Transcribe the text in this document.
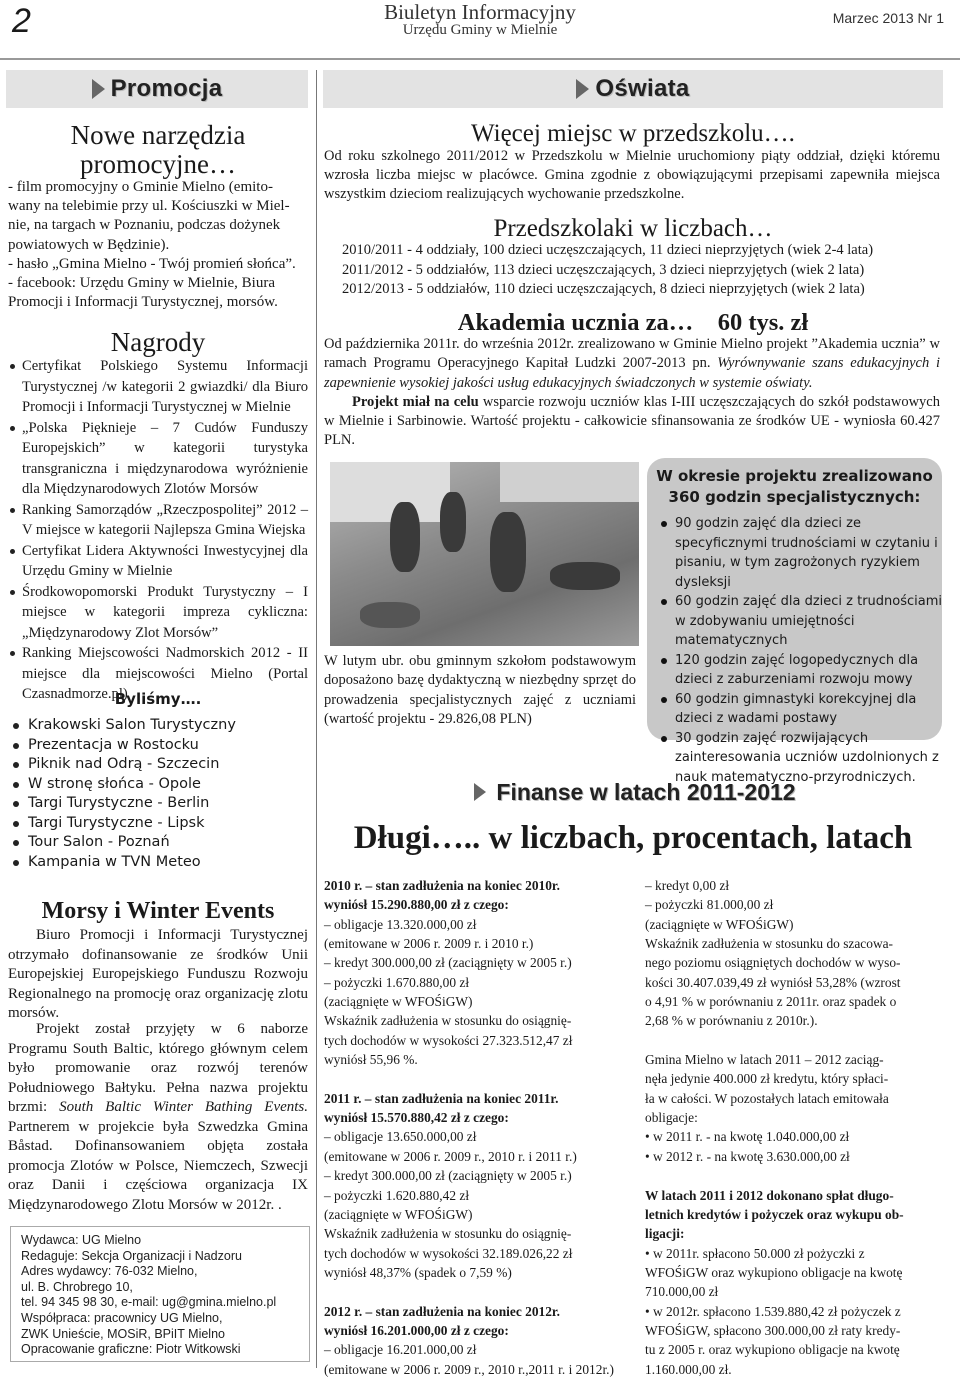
2	Biuletyn Informacyjny
Urzędu Gminy w Mielnie
Marzec 2013 Nr 1
Promocja
Nowe narzędzia
promocyjne…
- film promocyjny o Gminie Mielno (emito-
wany na telebimie przy ul. Kościuszki w Miel-
nie, na targach w Poznaniu, podczas dożynek
powiatowych w Będzinie).
- hasło „Gmina Mielno - Twój promień słońca”.
- facebook: Urzędu Gminy w Mielnie, Biura
Promocji i Informacji Turystycznej, morsów.
Nagrody
Certyfikat Polskiego Systemu Informacji Turystycznej /w kategorii 2 gwiazdki/ dla Biuro Promocji i Informacji Turystycznej w Mielnie
„Polska Piękniejе – 7 Cudów Funduszy Europejskich” w kategorii turystyka transgraniczna i międzynarodowa wyróżnienie dla Międzynarodowych Zlotów Morsów
Ranking Samorządów „Rzeczpospolitej” 2012 – V miejsce w kategorii Najlepsza Gmina Wiejska
Certyfikat Lidera Aktywności Inwestycyjnej dla Urzędu Gminy w Mielnie
Środkowopomorski Produkt Turystyczny – I miejsce w kategorii impreza cykliczna: „Międzynarodowy Zlot Morsów”
Ranking Miejscowości Nadmorskich 2012 - II miejsce dla miejscowości Mielno (Portal Czasnadmorze.pl)
Byliśmy….
Krakowski Salon Turystyczny
Prezentacja w Rostocku
Piknik nad Odrą - Szczecin
W stronę słońca - Opole
Targi Turystyczne - Berlin
Targi Turystyczne - Lipsk
Tour Salon - Poznań
Kampania w TVN Meteo
Morsy i Winter Events

Biuro Promocji i Informacji Turystycznej otrzymało dofinansowanie ze środków Unii Europejskiej Europejskiego Funduszu Rozwoju Regionalnego na promocję oraz organizację zlotu morsów.

Projekt został przyjęty w 6 naborze Programu South Baltic, którego głównym celem było promowanie oraz rozwój terenów Południowego Bałtyku. Pełna nazwa projektu brzmi: South Baltic Winter Bathing Events. Partnerem w projekcie była Szwedzka Gmina Båstad. Dofinansowaniem objęta została promocja Zlotów w Polsce, Niemczech, Szwecji oraz Danii i częściowa organizacja IX Międzynarodowego Zlotu Morsów w 2012r. .

Wydawca: UG Mielno
Redaguje: Sekcja Organizacji i Nadzoru
Adres wydawcy: 76-032 Mielno,
ul. B. Chrobrego 10,
tel. 94 345 98 30, e-mail: ug@gmina.mielno.pl
Współpraca: pracownicy UG Mielno,
ZWK Unieście, MOSiR, BPiIT Mielno
Opracowanie graficzne: Piotr Witkowski
Oświata
Więcej miejsc w przedszkolu….

Od roku szkolnego 2011/2012 w Przedszkolu w Mielnie uruchomiony piąty oddział, dzięki któremu wzrosła liczba miejsc w placówce. Gmina zgodnie z obowiązującymi przepisami zapewniła miejsca wszystkim dzieciom realizujących wychowanie przedszkolne.

Przedszkolaki w liczbach…
2010/2011 - 4 oddziały, 100 dzieci uczęszczających, 11 dzieci nieprzyjętych (wiek 2-4 lata)
2011/2012 - 5 oddziałów, 113 dzieci uczęszczających, 3 dzieci nieprzyjętych (wiek 2 lata)
2012/2013 - 5 oddziałów, 110 dzieci uczęszczających, 8 dzieci nieprzyjętych (wiek 2 lata)
Akademia ucznia za…    60 tys. zł

Od października 2011r. do września 2012r. zrealizowano w Gminie Mielno projekt ”Akademia ucznia” w ramach Programu Operacyjnego Kapitał Ludzki 2007-2013 pn. Wyrównywanie szans edukacyjnych i zapewnienie wysokiej jakości usług edukacyjnych świadczonych w systemie oświaty.
Projekt miał na celu wsparcie rozwoju uczniów klas I-III uczęszczających do szkół podstawowych w Mielnie i Sarbinowie. Wartość projektu - całkowicie sfinansowania ze środków UE - wyniosła 60.427 PLN.

W lutym ubr. obu gminnym szkołom podstawowym doposażono bazę dydaktyczną w niezbędny sprzęt do prowadzenia specjalistycznych zajęć z uczniami (wartość projektu - 29.826,08 PLN)

W okresie projektu zrealizowano
360 godzin specjalistycznych:
90 godzin zajęć dla dzieci ze specyficznymi trudnościami w czytaniu i pisaniu, w tym zagrożonych ryzykiem dysleksji
60 godzin zajęć dla dzieci z trudnościami w zdobywaniu umiejętności matematycznych
120 godzin zajęć logopedycznych dla dzieci z zaburzeniami rozwoju mowy
60 godzin gimnastyki korekcyjnej dla dzieci z wadami postawy
30 godzin zajęć rozwijających zainteresowania uczniów uzdolnionych z nauk matematyczno-przyrodniczych.
Finanse w latach 2011-2012
Długi….. w liczbach, procentach, latach
2010 r. – stan zadłużenia na koniec 2010r.
wyniósł 15.290.880,00 zł z czego:
– obligacje 13.320.000,00 zł
(emitowane w 2006 r. 2009 r. i 2010 r.)
– kredyt 300.000,00 zł (zaciągnięty w 2005 r.)
– pożyczki 1.670.880,00 zł
(zaciągnięte w WFOŚiGW)
Wskaźnik zadłużenia w stosunku do osiągnię-
tych dochodów w wysokości 27.323.512,47 zł
wyniósł 55,96 %.

2011 r. – stan zadłużenia na koniec 2011r.
wyniósł 15.570.880,42 zł z czego:
– obligacje 13.650.000,00 zł
(emitowane w 2006 r. 2009 r., 2010 r. i 2011 r.)
– kredyt 300.000,00 zł (zaciągnięty w 2005 r.)
– pożyczki 1.620.880,42 zł
(zaciągnięte w WFOŚiGW)
Wskaźnik zadłużenia w stosunku do osiągnię-
tych dochodów w wysokości 32.189.026,22 zł
wyniósł 48,37% (spadek o 7,59 %)

2012 r. – stan zadłużenia na koniec 2012r.
wyniósł 16.201.000,00 zł z czego:
– obligacje 16.201.000,00 zł
(emitowane w 2006 r. 2009 r., 2010 r.,2011 r. i 2012r.)
– kredyt 0,00 zł
– pożyczki 81.000,00 zł
(zaciągnięte w WFOŚiGW)
Wskaźnik zadłużenia w stosunku do szacowa-
nego poziomu osiągniętych dochodów w wyso-
kości 30.407.039,49 zł wyniósł 53,28% (wzrost
o 4,91 % w porównaniu z 2011r. oraz spadek o
2,68 % w porównaniu z 2010r.).

Gmina Mielno w latach 2011 – 2012 zaciąg-
nęła jedynie 400.000 zł kredytu, który spłaci-
ła w całości. W pozostałych latach emitowała
obligacje:
• w 2011 r. - na kwotę 1.040.000,00 zł
• w 2012 r. - na kwotę 3.630.000,00 zł

W latach 2011 i 2012 dokonano spłat długo-
letnich kredytów i pożyczek oraz wykupu ob-
ligacji:
• w 2011r. spłacono 50.000 zł pożyczki z
WFOŚiGW oraz wykupiono obligacje na kwotę
710.000,00 zł
• w 2012r. spłacono 1.539.880,42 zł pożyczek z
WFOŚiGW, spłacono 300.000,00 zł raty kredy-
tu z 2005 r. oraz wykupiono obligacje na kwotę
1.160.000,00 zł.
